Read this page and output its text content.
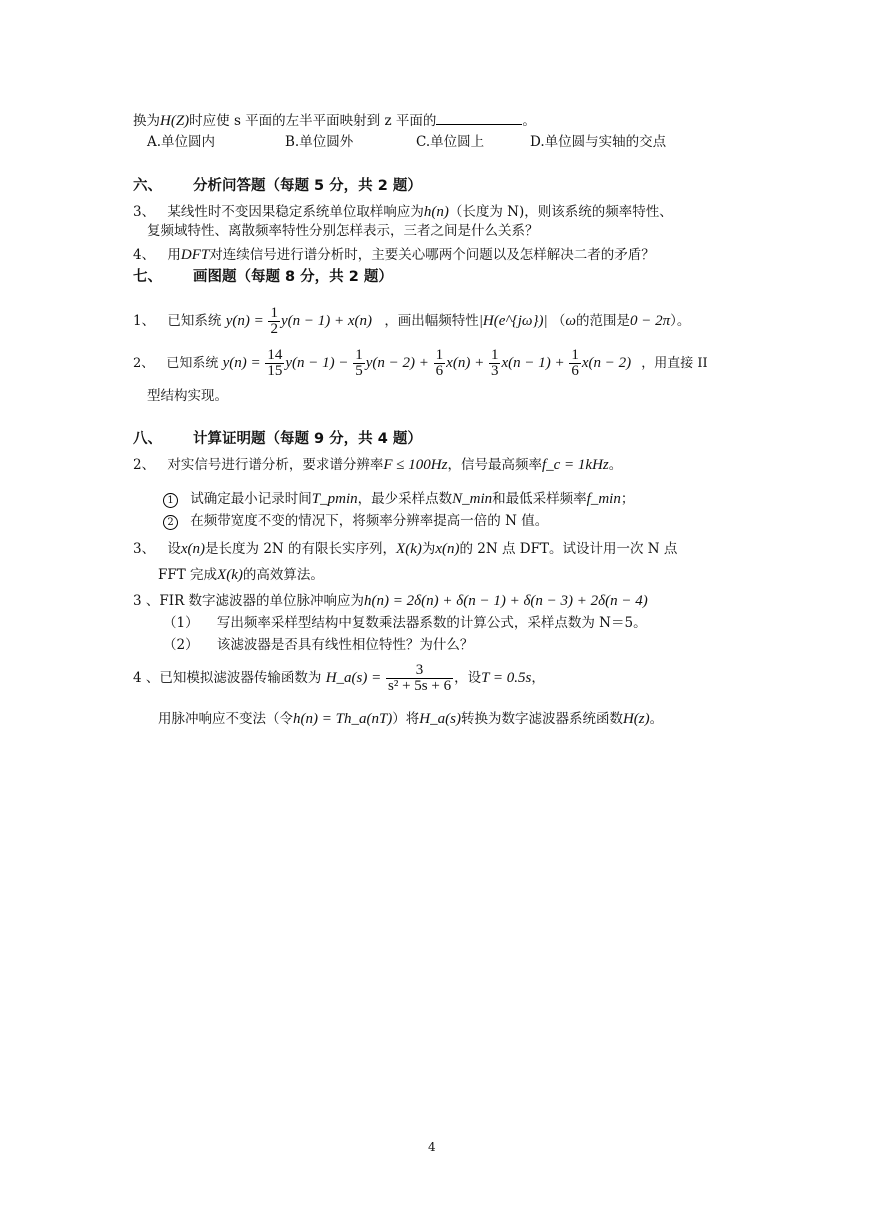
换为H(Z)时应使 s 平面的左半平面映射到 z 平面的	。
A.单位圆内	B.单位圆外	C.单位圆上	D.单位圆与实轴的交点
六、 分析问答题（每题 5 分，共 2 题）
3、 某线性时不变因果稳定系统单位取样响应为h(n)（长度为 N)，则该系统的频率特性、
复频域特性、离散频率特性分别怎样表示，三者之间是什么关系？
4、 用DFT对连续信号进行谱分析时，主要关心哪两个问题以及怎样解决二者的矛盾？
七、 画图题（每题 8 分，共 2 题）
1、 已知系统 $y(n) = \frac{1}{2} y(n - 1) + x(n)$ ，画出幅频特性|H(e^{jω})| （ω的范围是0 − 2π）。
2、 已知系统 $y(n) = \frac{14}{15} y(n - 1) - \frac{1}{5} y(n - 2) + \frac{1}{6} x(n) + \frac{1}{3} x(n - 1) + \frac{1}{6} x(n - 2)$ ，用直接 II
型结构实现。
八、 计算证明题（每题 9 分，共 4 题）
2、 对实信号进行谱分析，要求谱分辨率F ≤ 100Hz，信号最高频率f_c = 1kHz。
1 试确定最小记录时间T_pmin，最少采样点数N_min和最低采样频率f_min；
2 在频带宽度不变的情况下，将频率分辨率提高一倍的 N 值。
3、 设x(n)是长度为 2N 的有限长实序列，X(k)为x(n)的 2N 点 DFT。试设计用一次 N 点
FFT 完成X(k)的高效算法。
3 、FIR 数字滤波器的单位脉冲响应为h(n) = 2δ(n) + δ(n − 1) + δ(n − 3) + 2δ(n − 4)
（1） 写出频率采样型结构中复数乘法器系数的计算公式，采样点数为 N＝5。
（2） 该滤波器是否具有线性相位特性？为什么？
4 、已知模拟滤波器传输函数为 H_a(s) = $\frac{3}{\text{s² + 5s + 6}}$ ，设T = 0.5s，
用脉冲响应不变法（令h(n) = Th_a(nT)）将H_a(s)转换为数字滤波器系统函数H(z)。
4
